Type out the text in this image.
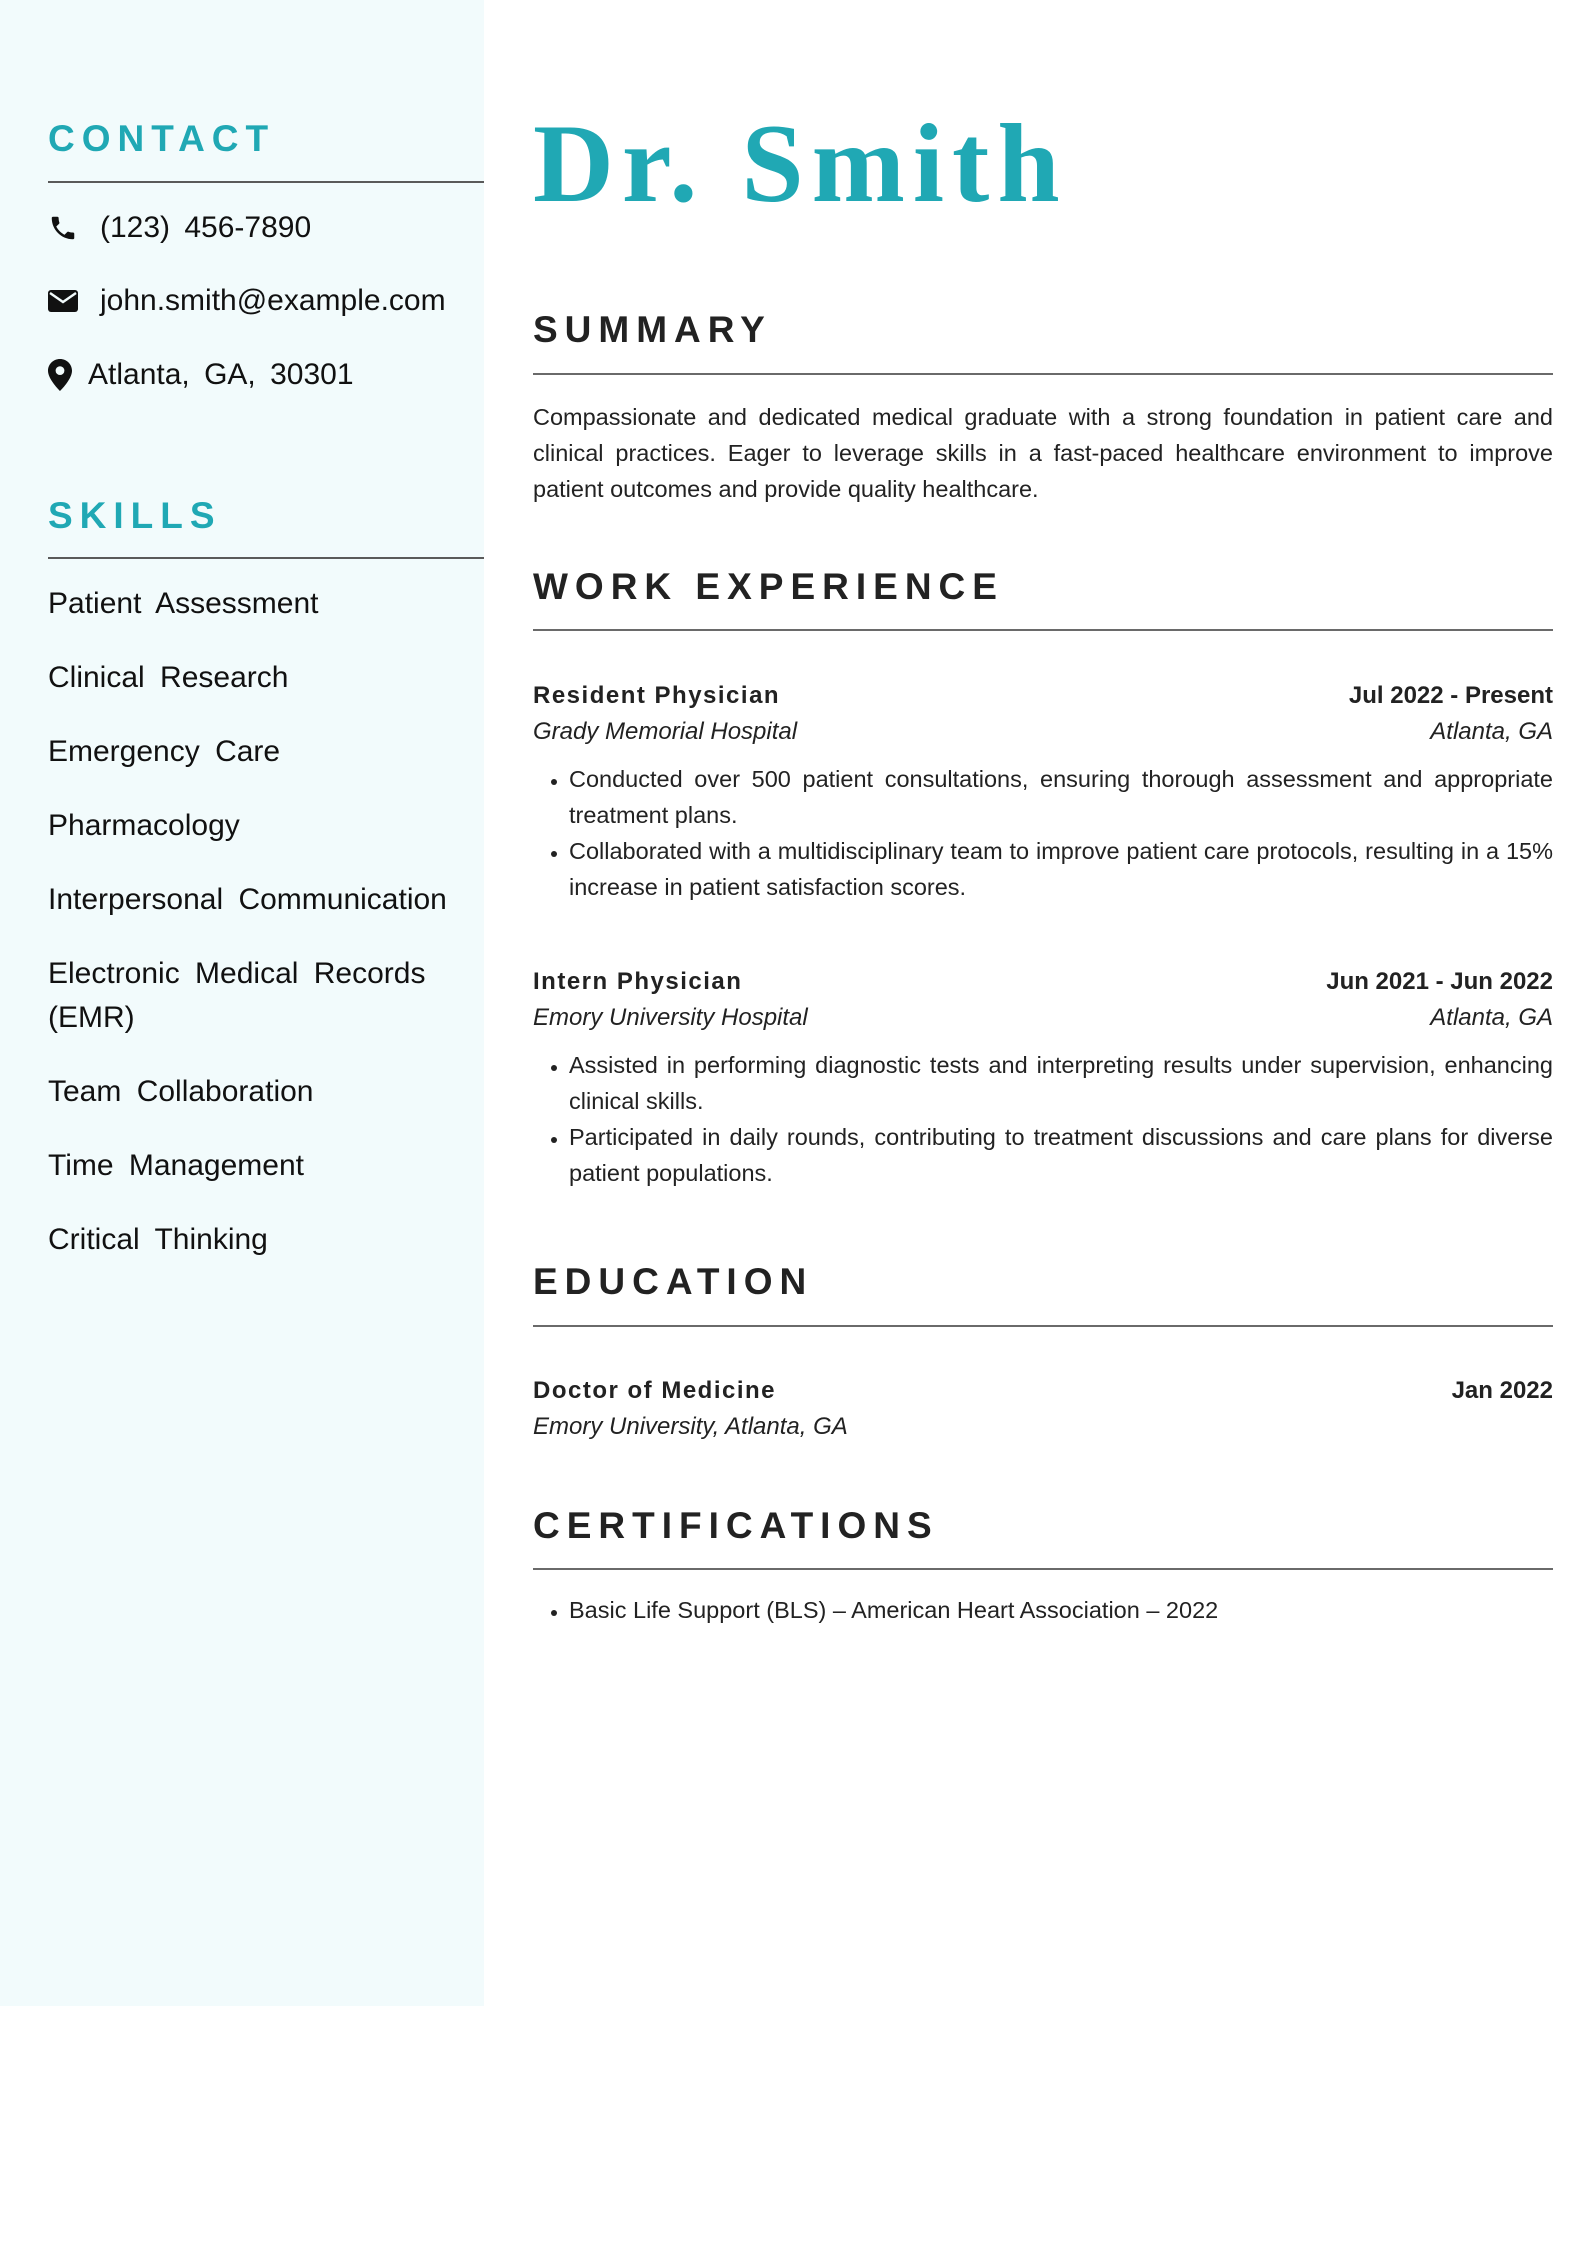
CONTACT
(123) 456-7890
john.smith@example.com
Atlanta, GA, 30301
SKILLS
Patient Assessment
Clinical Research
Emergency Care
Pharmacology
Interpersonal Communication
Electronic Medical Records (EMR)
Team Collaboration
Time Management
Critical Thinking
Dr. Smith
SUMMARY

Compassionate and dedicated medical graduate with a strong foundation in patient care and clinical practices. Eager to leverage skills in a fast-paced healthcare environment to improve patient outcomes and provide quality healthcare.

WORK EXPERIENCE
Resident Physician	Jul 2022 - Present
Grady Memorial Hospital	Atlanta, GA
• Conducted over 500 patient consultations, ensuring thorough assessment and appropriate treatment plans.
• Collaborated with a multidisciplinary team to improve patient care protocols, resulting in a 15% increase in patient satisfaction scores.
Intern Physician	Jun 2021 - Jun 2022
Emory University Hospital	Atlanta, GA
• Assisted in performing diagnostic tests and interpreting results under supervision, enhancing clinical skills.
• Participated in daily rounds, contributing to treatment discussions and care plans for diverse patient populations.
EDUCATION
Doctor of Medicine	Jan 2022
Emory University, Atlanta, GA
CERTIFICATIONS
• Basic Life Support (BLS) – American Heart Association – 2022
